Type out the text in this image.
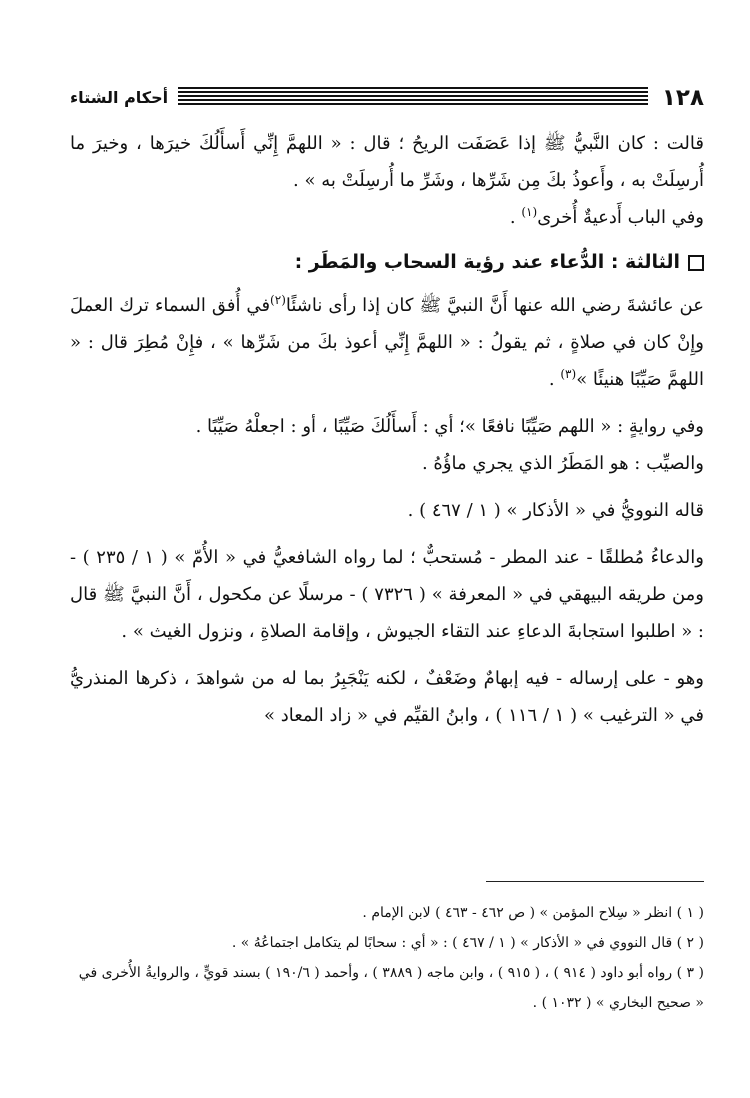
١٢٨
أحكام الشتاء

قالت : كان النَّبيُّ ﷺ إذا عَصَفَت الريحُ ؛ قال : « اللهمَّ إِنِّي أَسأَلُكَ خيرَها ، وخيرَ ما أُرسِلَتْ به ، وأَعوذُ بكَ مِن شَرِّها ، وشَرِّ ما أُرسِلَتْ به » .

وفي الباب أَدعيةٌ أُخرى$^{(١)}$ .

الثالثة : الدُّعاء عند رؤية السحاب والمَطَر :

عن عائشةَ رضي الله عنها أَنَّ النبيَّ ﷺ كان إذا رأى ناشئًا$^{(٢)}$في أُفق السماء ترك العملَ وإِنْ كان في صلاةٍ ، ثم يقولُ : « اللهمَّ إِنِّي أعوذ بكَ من شَرِّها » ، فإِنْ مُطِرَ قال : « اللهمَّ صَيِّبًا هنيئًا »$^{(٣)}$ .

وفي روايةٍ : « اللهم صَيِّبًا نافعًا »؛ أي : أَسأَلُكَ صَيِّبًا ، أو : اجعلْهُ صَيِّبًا .

والصيِّب : هو المَطَرُ الذي يجري ماؤُهُ .

قاله النوويُّ في « الأذكار » ( ١ / ٤٦٧ ) .

والدعاءُ مُطلقًا - عند المطر - مُستحبٌّ ؛ لما رواه الشافعيُّ في « الأُمّ » ( ١ / ٢٣٥ ) - ومن طريقه البيهقي في « المعرفة » ( ٧٣٢٦ ) - مرسلًا عن مكحول ، أَنَّ النبيَّ ﷺ قال : « اطلبوا استجابةَ الدعاءِ عند التقاء الجيوش ، وإقامة الصلاةِ ، ونزول الغيث » .

وهو - على إرساله - فيه إبهامٌ وضَعْفٌ ، لكنه يَنْجَبِرُ بما له من شواهدَ ، ذكرها المنذريُّ في « الترغيب » ( ١ / ١١٦ ) ، وابنُ القيِّم في « زاد المعاد »

( ١ ) انظر « سِلاح المؤمن » ( ص ٤٦٢ - ٤٦٣ ) لابن الإمام .

( ٢ ) قال النووي في « الأذكار » ( ١ / ٤٦٧ ) : « أي : سحابًا لم يتكامل اجتماعُهُ » .

( ٣ ) رواه أبو داود ( ٩١٤ ) ، ( ٩١٥ ) ، وابن ماجه ( ٣٨٨٩ ) ، وأحمد ( ١٩٠/٦ ) بسند قويٍّ ، والروايةُ الأُخرى في « صحيح البخاري » ( ١٠٣٢ ) .
